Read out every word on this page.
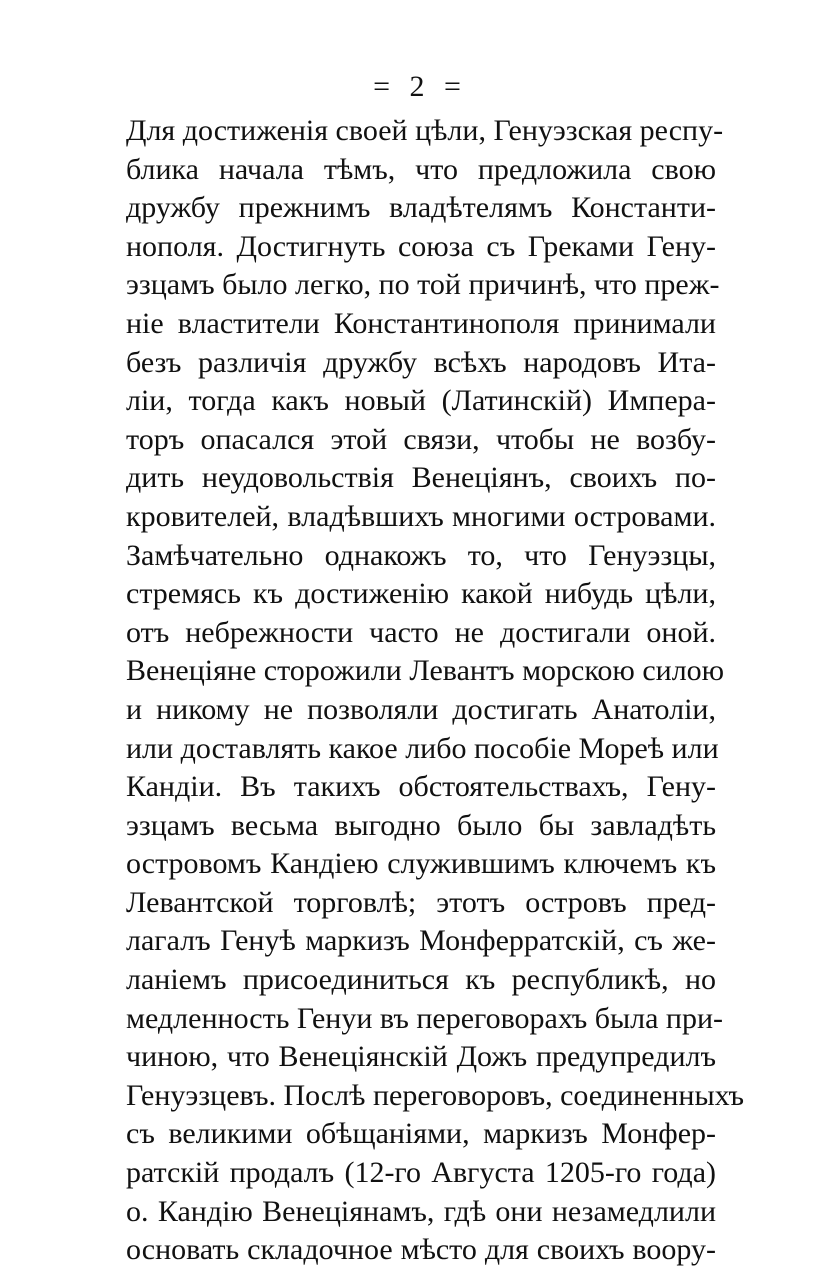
= 2 =
Для достиженія своей цѣли, Генуэзская респу-
блика начала тѣмъ, что предложила свою
дружбу прежнимъ владѣтелямъ Константи-
нополя. Достигнуть союза съ Греками Гену-
эзцамъ было легко, по той причинѣ, что преж-
ніе властители Константинополя принимали
безъ различія дружбу всѣхъ народовъ Ита-
ліи, тогда какъ новый (Латинскій) Импера-
торъ опасался этой связи, чтобы не возбу-
дить неудовольствія Венеціянъ, своихъ по-
кровителей, владѣвшихъ многими островами.
Замѣчательно однакожъ то, что Генуэзцы,
стремясь къ достиженію какой нибудь цѣли,
отъ небрежности часто не достигали оной.
Венеціяне сторожили Левантъ морскою силою
и никому не позволяли достигать Анатоліи,
или доставлять какое либо пособіе Мореѣ или
Кандіи. Въ такихъ обстоятельствахъ, Гену-
эзцамъ весьма выгодно было бы завладѣть
островомъ Кандіею служившимъ ключемъ къ
Левантской торговлѣ; этотъ островъ пред-
лагалъ Генуѣ маркизъ Монферратскій, съ же-
ланіемъ присоединиться къ республикѣ, но
медленность Генуи въ переговорахъ была при-
чиною, что Венеціянскій Дожъ предупредилъ
Генуэзцевъ. Послѣ переговоровъ, соединенныхъ
съ великими обѣщаніями, маркизъ Монфер-
ратскій продалъ (12-го Августа 1205-го года)
о. Кандію Венеціянамъ, гдѣ они незамедлили
основать складочное мѣсто для своихъ воору-
